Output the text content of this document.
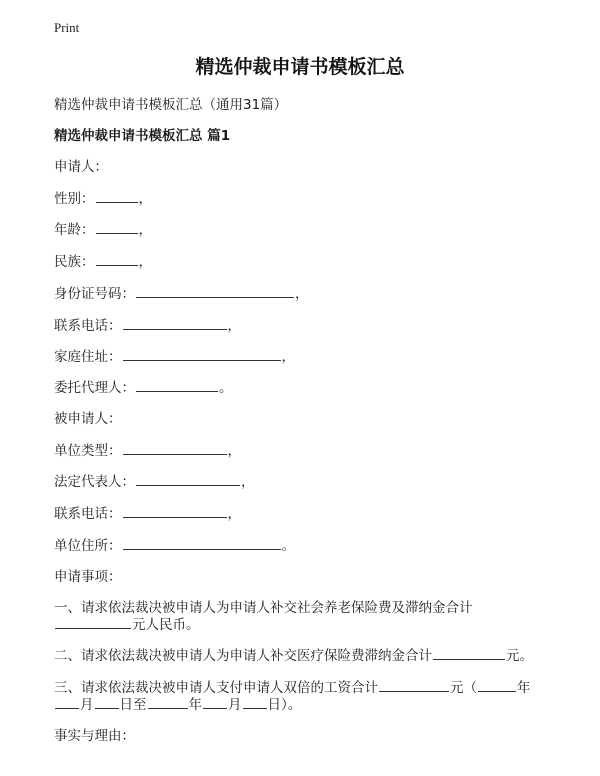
Print
精选仲裁申请书模板汇总
精选仲裁申请书模板汇总（通用31篇）
精选仲裁申请书模板汇总 篇1
申请人：
性别：	，
年龄：	，
民族：	，
身份证号码：	，
联系电话：	，
家庭住址：	，
委托代理人：	。
被申请人：
单位类型：	，
法定代表人：	，
联系电话：	，
单位住所：	。
申请事项：
一、请求依法裁决被申请人为申请人补交社会养老保险费及滞纳金合计
元人民币。
二、请求依法裁决被申请人为申请人补交医疗保险费滞纳金合计	元。
三、请求依法裁决被申请人支付申请人双倍的工资合计	元（	年
月 日至	年 月 日）。
事实与理由：
